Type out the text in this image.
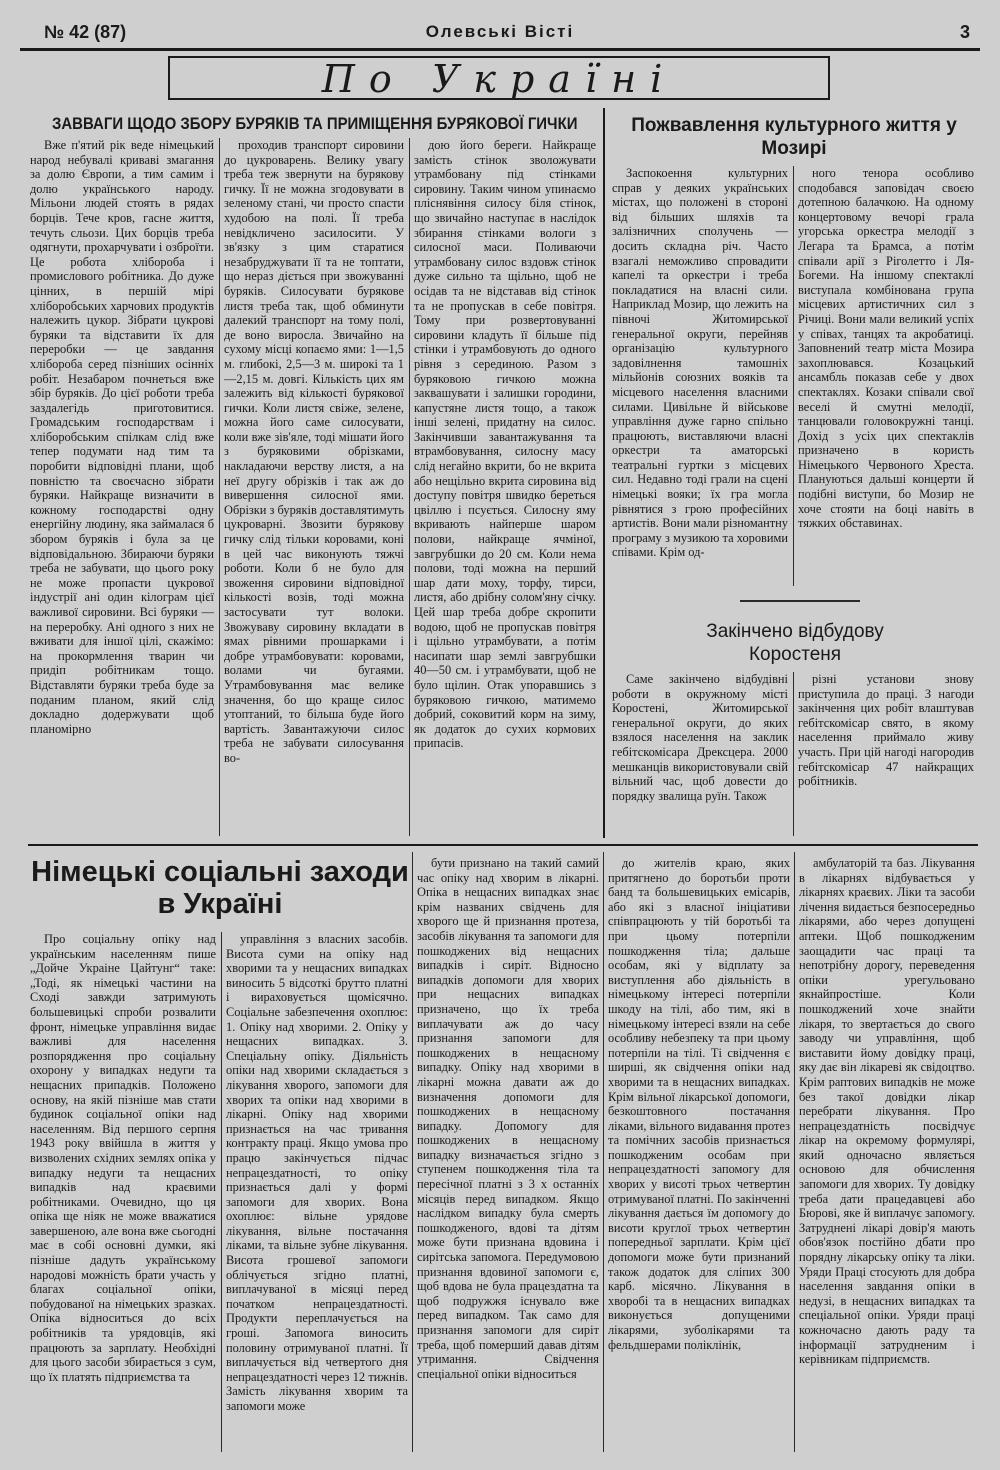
№ 42 (87)	Олевські Вісті	3
По Україні
ЗАВВАГИ ЩОДО ЗБОРУ БУРЯКІВ ТА ПРИМІЩЕННЯ БУРЯКОВОЇ ГИЧКИ

Вже п'ятий рік веде німецький народ небувалі криваві змагання за долю Європи, а тим самим і долю українського народу. Мільони людей стоять в рядах борців. Тече кров, гасне життя, течуть сльози. Цих борців треба одягнути, прохарчувати і озброїти. Це робота хлібороба і промислового робітника. До дуже цінних, в першій мірі хліборобських харчових продуктів належить цукор. Зібрати цукрові буряки та відставити їх для переробки — це завдання хлібороба серед пізніших осінніх робіт. Незабаром почнеться вже збір буряків. До цієї роботи треба заздалегідь приготовитися. Громадським господарствам і хліборобським спілкам слід вже тепер подумати над тим та поробити відповідні плани, щоб повністю та своєчасно зібрати буряки. Найкраще визначити в кожному господарстві одну енергійну людину, яка займалася б збором буряків і була за це відповідальною. Збираючи буряки треба не забувати, що цього року не може пропасти цукрової індустрії ані один кілограм цієї важливої сировини. Всі буряки — на переробку. Ані одного з них не вживати для іншої цілі, скажімо: на прокормлення тварин чи придіп робітникам тощо. Відставляти буряки треба буде за поданим планом, який слід докладно додержувати щоб планомірно

проходив транспорт сировини до цукроварень. Велику увагу треба теж звернути на бурякову гичку. Її не можна згодовувати в зеленому стані, чи просто спасти худобою на полі. Її треба невідкличено засилосити. У зв'язку з цим старатися незабруджувати її та не топтати, що нераз діється при звожуванні буряків. Силосувати бурякове листя треба так, щоб обминути далекий транспорт на тому полі, де воно виросла. Звичайно на сухому місці копаємо ями: 1—1,5 м. глибокі, 2,5—3 м. широкі та 1—2,15 м. довгі. Кількість цих ям залежить від кількості бурякової гички. Коли листя свіже, зелене, можна його саме силосувати, коли вже зів'яле, тоді мішати його з буряковими обрізками, накладаючи верству листя, а на неї другу обрізків і так аж до вивершення силосної ями. Обрізки з буряків доставлятимуть цукроварні. Звозити бурякову гичку слід тільки коровами, коні в цей час виконують тяжчі роботи. Коли б не було для звоження сировини відповідної кількості возів, тоді можна застосувати тут волоки. Звожуваву сировину вкладати в ямах рівними прошарками і добре утрамбовувати: коровами, волами чи бугаями. Утрамбовування має велике значення, бо що краще силос утоптаний, то більша буде його вартість. Завантажуючи силос треба не забувати силосування во-

дою його береги. Найкраще замість стінок зволожувати утрамбовану під стінками сировину. Таким чином упинаємо пліснявіння силосу біля стінок, що звичайно наступає в наслідок збирання стінками вологи з силосної маси. Поливаючи утрамбовану силос вздовж стінок дуже сильно та щільно, щоб не осідав та не відставав від стінок та не пропускав в себе повітря. Тому при розвертовуванні сировини кладуть її більше під стінки і утрамбовують до одного рівня з серединою. Разом з буряковою гичкою можна заквашувати і залишки городини, капустяне листя тощо, а також інші зелені, придатну на силос. Закінчивши завантажування та втрамбовування, силосну масу слід негайно вкрити, бо не вкрита або нещільно вкрита сировина від доступу повітря швидко береться цвіллю і псується. Силосну яму вкривають найперше шаром полови, найкраще ячміної, завгрубшки до 20 см. Коли нема полови, тоді можна на перший шар дати моху, торфу, тирси, листя, або дрібну солом'яну січку. Цей шар треба добре скропити водою, щоб не пропускав повітря і щільно утрамбувати, а потім насипати шар землі завгрубшки 40—50 см. і утрамбувати, щоб не було щілин. Отак упоравшись з буряковою гичкою, матимемо добрий, соковитий корм на зиму, як додаток до сухих кормових припасів.

Пожвавлення культурного життя у Мозирі

Заспокоення культурних справ у деяких українських містах, що положені в стороні від більших шляхів та залізничних сполучень — досить складна річ. Часто взагалі неможливо спровадити капелі та оркестри і треба покладатися на власні сили. Наприклад Мозир, що лежить на півночі Житомирської генеральної округи, перейняв організацію культурного задовілнення тамошніх мільйонів союзних вояків та місцевого населення власними силами. Цивільне й військове управління дуже гарно спільно працюють, виставляючи власні оркестри та аматорські театральні гуртки з місцевих сил. Недавно тоді грали на сцені німецькі вояки; їх гра могла рівнятися з грою професійних артистів. Вони мали різномантну програму з музикою та хоровими співами. Крім од-

ного тенора особливо сподобався заповідач своєю дотепною балачкою. На одному концертовому вечорі грала угорська оркестра мелодії з Легара та Брамса, а потім співали арії з Ріголетто і Ля-Богеми. На іншому спектаклі виступала комбінована група місцевих артистичних сил з Річиці. Вони мали великий успіх у співах, танцях та акробатиці. Заповнений театр міста Мозира захоплювався. Козацький ансамбль показав себе у двох спектаклях. Козаки співали свої веселі й смутні мелодії, танцювали головокружні танці. Дохід з усіх цих спектаклів призначено в користь Німецького Червоного Хреста. Плануються дальші концерти й подібні виступи, бо Мозир не хоче стояти на боці навіть в тяжких обставинах.

Закінчено відбудову Коростеня

Саме закінчено відбудівні роботи в окружному місті Коростені, Житомирської генеральної округи, до яких взялося населення на заклик гебітскомісара Дрексцера. 2000 мешканців використовували свій вільний час, щоб довести до порядку звалища руїн. Також

різні установи знову приступила до праці. З нагоди закінчення цих робіт влаштував гебітскомісар свято, в якому населення приймало живу участь. При цій нагоді нагородив гебітскомісар 47 найкращих робітників.

Німецькі соціальні заходи в Україні

Про соціальну опіку над українським населенням пише „Дойче Украіне Цайтунг“ таке: „Тоді, як німецькі частини на Сході завжди затримують большевицькі спроби розвалити фронт, німецьке управління видає важливі для населення розпорядження про соціальну охорону у випадках недуги та нещасних припадків. Положено основу, на якій пізніше мав стати будинок соціальної опіки над населенням. Від першого серпня 1943 року ввійшла в життя у визволених східних землях опіка у випадку недуги та нещасних випадків над краєвими робітниками. Очевидно, що ця опіка ще ніяк не може вважатися завершеною, але вона вже сьогодні має в собі основні думки, які пізніше дадуть українському народові можність брати участь у благах соціальної опіки, побудованої на німецьких зразках. Опіка відноситься до всіх робітників та урядовців, які працюють за зарплату. Необхідні для цього засоби збирається з сум, що їх платять підприємства та

управління з власних засобів. Висота суми на опіку над хворими та у нещасних випадках виносить 5 відсоткі брутто платні і вираховується щомісячно. Соціальне забезпечення охоплює: 1. Опіку над хворими. 2. Опіку у нещасних випадках. 3. Спеціальну опіку. Діяльність опіки над хворими складається з лікування хворого, запомоги для хворих та опіки над хворими в лікарні. Опіку над хворими признається на час тривання контракту праці. Якщо умова про працю закінчується підчас непрацездатності, то опіку признається далі у формі запомоги для хворих. Вона охоплює: вільне урядове лікування, вільне постачання ліками, та вільне зубне лікування. Висота грошевої запомоги облічується згідно платні, виплачуваної в місяці перед початком непрацездатності. Продукти переплачується на гроші. Запомога виносить половину отримуваної платні. Її виплачується від четвертого дня непрацездатності через 12 тижнів. Замість лікування хворим та запомоги може

бути признано на такий самий час опіку над хворим в лікарні. Опіка в нещасних випадках знає крім названих свідчень для хворого ще й признання протеза, засобів лікування та запомоги для пошкоджених від нещасних випадків і сиріт. Відносно випадків допомоги для хворих при нещасних випадках призначено, що їх треба виплачувати аж до часу признання запомоги для пошкоджених в нещасному випадку. Опіку над хворими в лікарні можна давати аж до визначення допомоги для пошкоджених в нещасному випадку. Допомогу для пошкоджених в нещасному випадку визначається згідно з ступенем пошкодження тіла та пересічної платні з 3 х останніх місяців перед випадком. Якщо наслідком випадку була смерть пошкодженого, вдові та дітям може бути признана вдовина і сирітська запомога. Передумовою признання вдовиної запомоги є, щоб вдова не була працездатна та щоб подружжя існувало вже перед випадком. Так само для признання запомоги для сиріт треба, щоб померший давав дітям утримання. Свідчення спеціальної опіки відноситься

до жителів краю, яких притягнено до боротьби проти банд та большевицьких емісарів, або які з власної ініціативи співпрацюють у тій боротьбі та при цьому потерпіли пошкодження тіла; дальше особам, які у відплату за виступлення або діяльність в німецькому інтересі потерпіли шкоду на тілі, або тим, які в німецькому інтересі взяли на себе особливу небезпеку та при цьому потерпіли на тілі. Ті свідчення є ширші, як свідчення опіки над хворими та в нещасних випадках. Крім вільної лікарської допомоги, безкоштовного постачання ліками, вільного видавання протез та помічних засобів признається пошкодженим особам при непрацездатності запомогу для хворих у висоті трьох четвертин отримуваної платні. По закінченні лікування дається їм допомогу до висоти круглої трьох четвертин попередньої зарплати. Крім цієї допомоги може бути признаний також додаток для сліпих 300 карб. місячно. Лікування в хворобі та в нещасних випадках виконується допущеними лікарями, зуболікарями та фельдшерами поліклінік,

амбулаторій та баз. Лікування в лікарнях відбувається у лікарнях краєвих. Ліки та засоби лічення видається безпосередньо лікарями, або через допущені аптеки. Щоб пошкодженим заощадити час праці та непотрібну дорогу, переведення опіки урегульовано якнайпростіше. Коли пошкоджений хоче знайти лікаря, то звертається до свого заводу чи управління, щоб виставити йому довідку праці, яку дає він лікареві як свідоцтво. Крім раптових випадків не може без такої довідки лікар перебрати лікування. Про непрацездатність посвідчує лікар на окремому формулярі, який одночасно являється основою для обчислення запомоги для хворих. Ту довідку треба дати працедавцеві або Бюрові, яке й виплачує запомогу. Затруднені лікарі довір'я мають обов'язок постійно дбати про порядну лікарську опіку та ліки. Уряди Праці стосують для добра населення завдання опіки в недузі, в нещасних випадках та спеціальної опіки. Уряди праці кожночасно дають раду та інформації затрудненим і керівникам підприємств.
